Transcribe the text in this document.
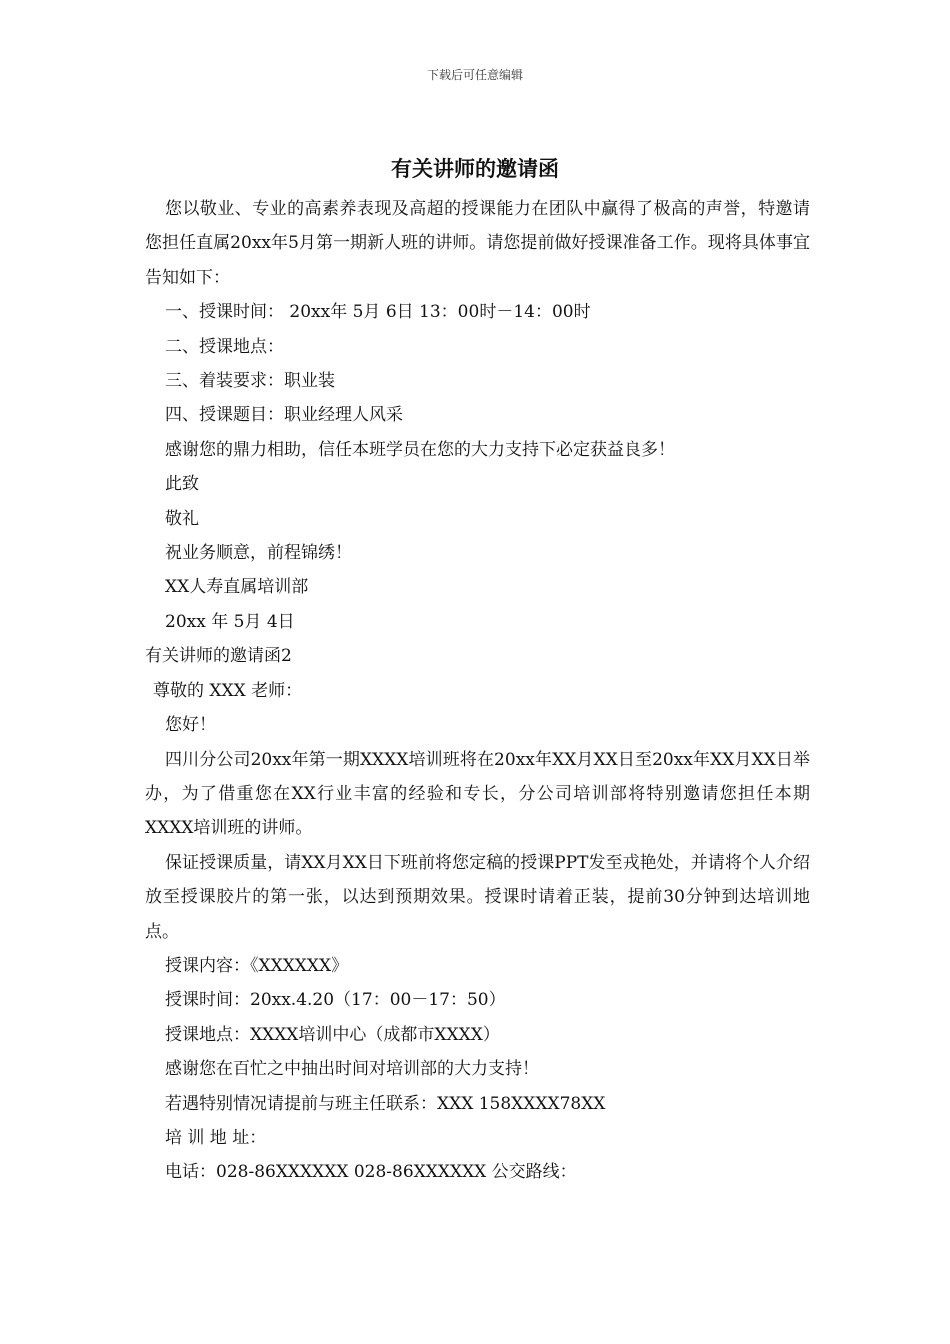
下载后可任意编辑
有关讲师的邀请函

您以敬业、专业的高素养表现及高超的授课能力在团队中赢得了极高的声誉，特邀请您担任直属20xx年5月第一期新人班的讲师。请您提前做好授课准备工作。现将具体事宜告知如下：

一、授课时间： 20xx年 5月 6日 13：00时－14：00时

二、授课地点：

三、着装要求：职业装

四、授课题目：职业经理人风采

感谢您的鼎力相助，信任本班学员在您的大力支持下必定获益良多！

此致

敬礼

祝业务顺意，前程锦绣！

XX人寿直属培训部

20xx 年 5月 4日

有关讲师的邀请函2

尊敬的 XXX 老师：

您好！

四川分公司20xx年第一期XXXX培训班将在20xx年XX月XX日至20xx年XX月XX日举办，为了借重您在XX行业丰富的经验和专长，分公司培训部将特别邀请您担任本期XXXX培训班的讲师。

保证授课质量，请XX月XX日下班前将您定稿的授课PPT发至戎艳处，并请将个人介绍放至授课胶片的第一张，以达到预期效果。授课时请着正装，提前30分钟到达培训地点。

授课内容：《XXXXXX》

授课时间：20xx.4.20（17：00－17：50）

授课地点：XXXX培训中心（成都市XXXX）

感谢您在百忙之中抽出时间对培训部的大力支持！

若遇特别情况请提前与班主任联系：XXX 158XXXX78XX

培 训 地 址：

电话：028-86XXXXXX 028-86XXXXXX 公交路线：
